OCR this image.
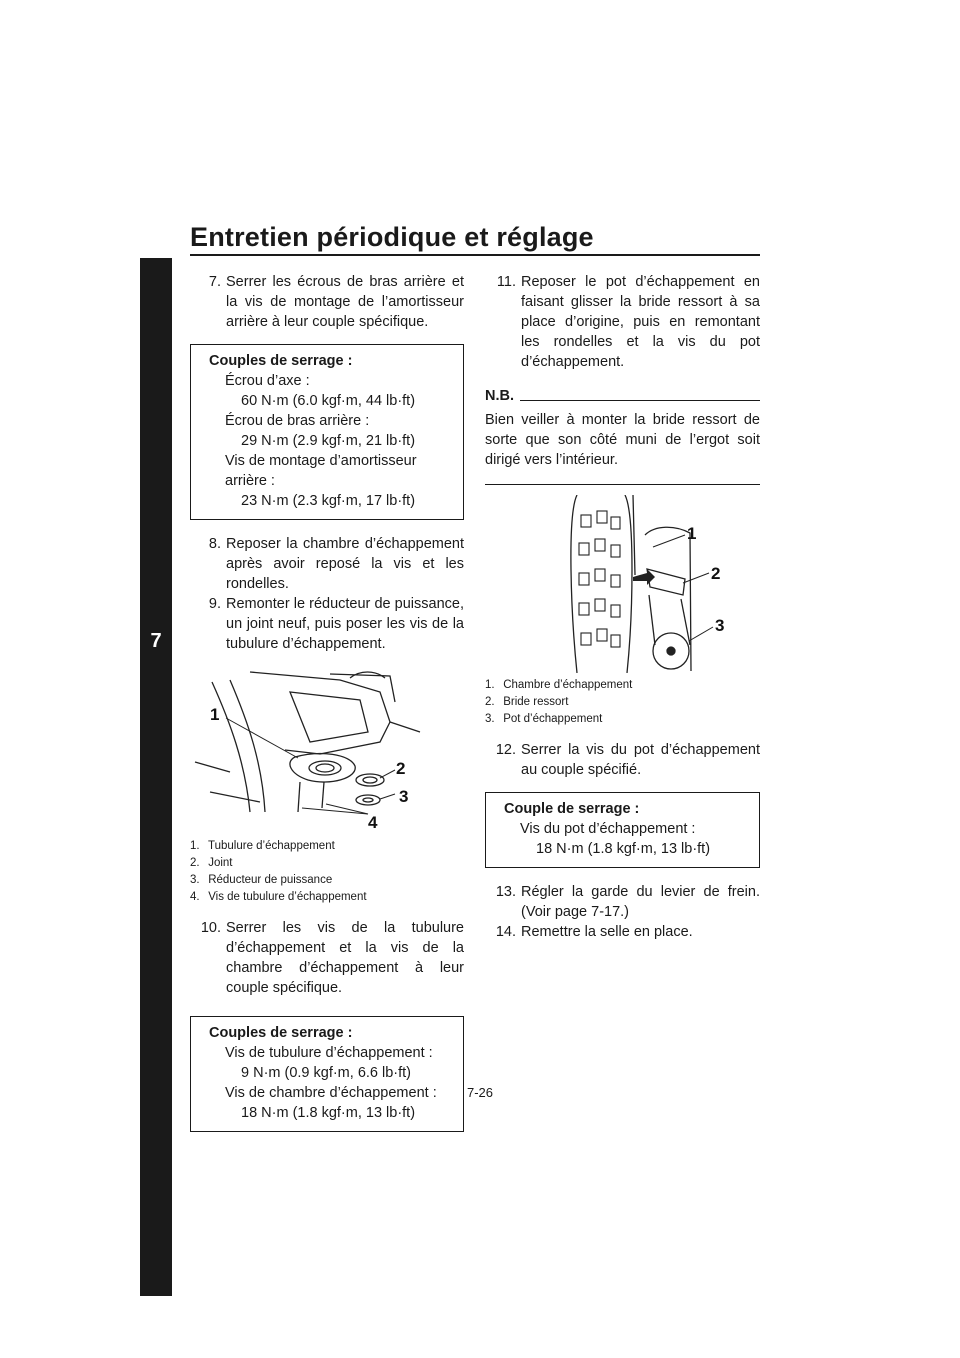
Entretien périodique et réglage
7
7. Serrer les écrous de bras arrière et la vis de montage de l’amortisseur arrière à leur couple spécifique.
Couples de serrage :
Écrou d’axe :
60 N·m (6.0 kgf·m, 44 lb·ft)
Écrou de bras arrière :
29 N·m (2.9 kgf·m, 21 lb·ft)
Vis de montage d’amortisseur arrière :
23 N·m (2.3 kgf·m, 17 lb·ft)
8. Reposer la chambre d’échappement après avoir reposé la vis et les rondelles.
9. Remonter le réducteur de puissance, un joint neuf, puis poser les vis de la tubulure d’échappement.
1
2
3
4
1. Tubulure d’échappement
2. Joint
3. Réducteur de puissance
4. Vis de tubulure d’échappement
10. Serrer les vis de la tubulure d’échappement et la vis de la chambre d’échappement à leur couple spécifique.
Couples de serrage :
Vis de tubulure d’échappement :
9 N·m (0.9 kgf·m, 6.6 lb·ft)
Vis de chambre d’échappement :
18 N·m (1.8 kgf·m, 13 lb·ft)
11. Reposer le pot d’échappement en faisant glisser la bride ressort à sa place d’origine, puis en remontant les rondelles et la vis du pot d’échappement.
N.B.
Bien veiller à monter la bride ressort de sorte que son côté muni de l’ergot soit dirigé vers l’intérieur.
1
2
3
1. Chambre d’échappement
2. Bride ressort
3. Pot d’échappement
12. Serrer la vis du pot d’échappement au couple spécifié.
Couple de serrage :
Vis du pot d’échappement :
18 N·m (1.8 kgf·m, 13 lb·ft)
13. Régler la garde du levier de frein. (Voir page 7-17.)
14. Remettre la selle en place.
7-26
